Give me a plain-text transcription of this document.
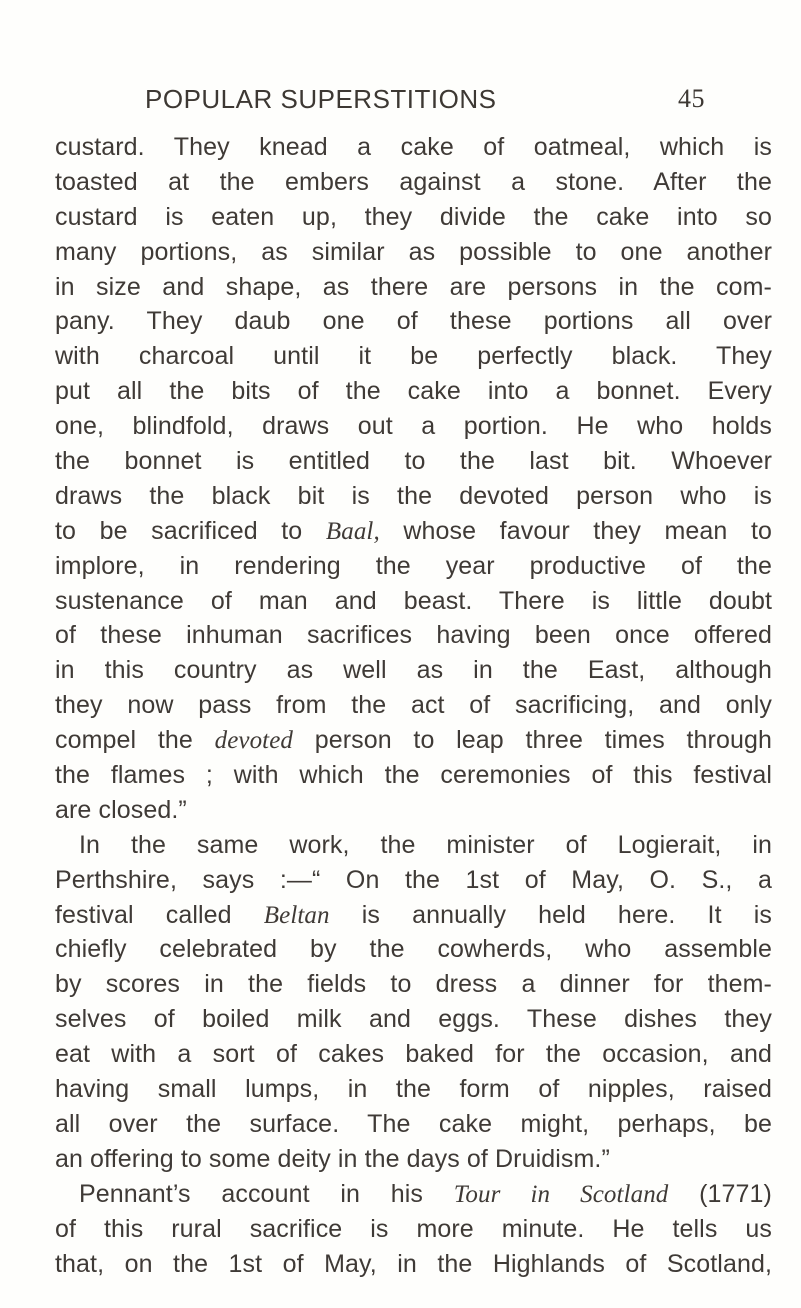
POPULAR SUPERSTITIONS	45
custard. They knead a cake of oatmeal, which is
toasted at the embers against a stone. After the
custard is eaten up, they divide the cake into so
many portions, as similar as possible to one another
in size and shape, as there are persons in the com-
pany. They daub one of these portions all over
with charcoal until it be perfectly black. They
put all the bits of the cake into a bonnet. Every
one, blindfold, draws out a portion. He who holds
the bonnet is entitled to the last bit. Whoever
draws the black bit is the devoted person who is
to be sacrificed to Baal, whose favour they mean to
implore, in rendering the year productive of the
sustenance of man and beast. There is little doubt
of these inhuman sacrifices having been once offered
in this country as well as in the East, although
they now pass from the act of sacrificing, and only
compel the devoted person to leap three times through
the flames ; with which the ceremonies of this festival
are closed.”
In the same work, the minister of Logierait, in
Perthshire, says :—“ On the 1st of May, O. S., a
festival called Beltan is annually held here. It is
chiefly celebrated by the cowherds, who assemble
by scores in the fields to dress a dinner for them-
selves of boiled milk and eggs. These dishes they
eat with a sort of cakes baked for the occasion, and
having small lumps, in the form of nipples, raised
all over the surface. The cake might, perhaps, be
an offering to some deity in the days of Druidism.”
Pennant’s account in his Tour in Scotland (1771)
of this rural sacrifice is more minute. He tells us
that, on the 1st of May, in the Highlands of Scotland,
